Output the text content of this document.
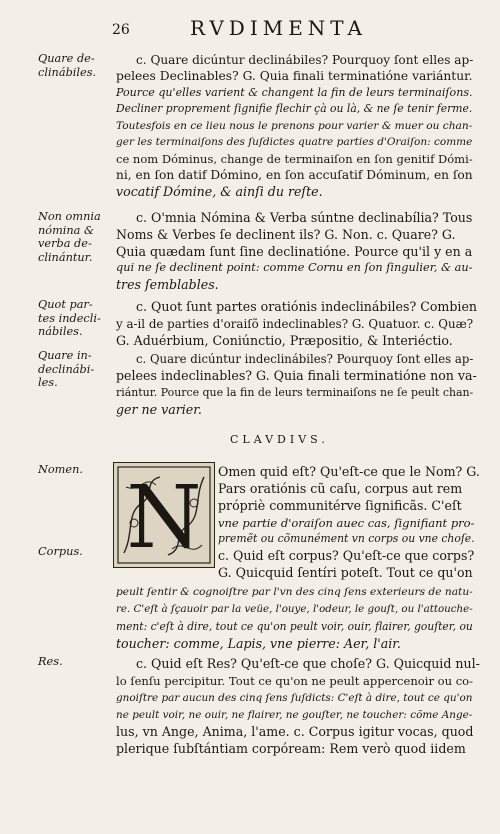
26	RVDIMENTA
Quare de-
clinábiles.
Non omnia
nómina &
verba de-
clinántur.
Quot par-
tes indecli-
nábiles.
Quare in-
declinábi-
les.
Nomen.
Corpus.
Res.
c. Quare dicúntur declinábiles? Pourquoy ſont elles ap-
pelees Declinables? G. Quia finali terminatióne variántur.
Pource qu'elles varient & changent la fin de leurs terminaiſons.
Decliner proprement ſignifie flechir çà ou là, & ne ſe tenir ferme.
Toutesfois en ce lieu nous le prenons pour varier & muer ou chan-
ger les terminaiſons des ſuſdictes quatre parties d'Oraiſon: comme
ce nom Dóminus, change de terminaiſon en ſon genitif Dómi-
ni, en ſon datif Dómino, en ſon accuſatif Dóminum, en ſon
vocatif Dómine, & ainſi du reſte.
c. O'mnia Nómina & Verba súntne declinabília? Tous
Noms & Verbes ſe declinent ils? G. Non. c. Quare? G.
Quia quædam ſunt ſine declinatióne. Pource qu'il y en a
qui ne ſe declinent point: comme Cornu en ſon ſingulier, & au-
tres ſemblables.
c. Quot ſunt partes oratiónis indeclinábiles? Combien
y a-il de parties d'oraiſõ indeclinables? G. Quatuor. c. Quæ?
G. Aduérbium, Coniúnctio, Præpositio, & Interiéctio.
c. Quare dicúntur indeclinábiles? Pourquoy ſont elles ap-
pelees indeclinables? G. Quia finali terminatióne non va-
riántur. Pource que la fin de leurs terminaiſons ne ſe peult chan-
ger ne varier.
CLAVDIVS.
N Omen quid eſt? Qu'eſt-ce que le Nom? G.
Pars oratiónis cũ caſu, corpus aut rem
própriè communitérve ſignificãs. C'eſt
vne partie d'oraiſon auec cas, ſignifiant pro-
premẽt ou cõmunément vn corps ou vne choſe.
c. Quid eſt corpus? Qu'eſt-ce que corps?
G. Quicquid ſentíri poteſt. Tout ce qu'on
peult ſentir & cognoiſtre par l'vn des cinq ſens exterieurs de natu-
re. C'eſt à ſçauoir par la veüe, l'ouye, l'odeur, le gouſt, ou l'attouche-
ment: c'eſt à dire, tout ce qu'on peult voir, ouir, flairer, gouſter, ou
toucher: comme, Lapis, vne pierre: Aer, l'air.
c. Quid eſt Res? Qu'eſt-ce que choſe? G. Quicquid nul-
lo ſenſu percipitur. Tout ce qu'on ne peult appercenoir ou co-
gnoiſtre par aucun des cinq ſens ſuſdicts: C'eſt à dire, tout ce qu'on
ne peult voir, ne ouir, ne flairer, ne gouſter, ne toucher: cõme Ange-
lus, vn Ange, Anima, l'ame. c. Corpus igitur vocas, quod
plerique ſubſtántiam corpóream: Rem verò quod iidem
